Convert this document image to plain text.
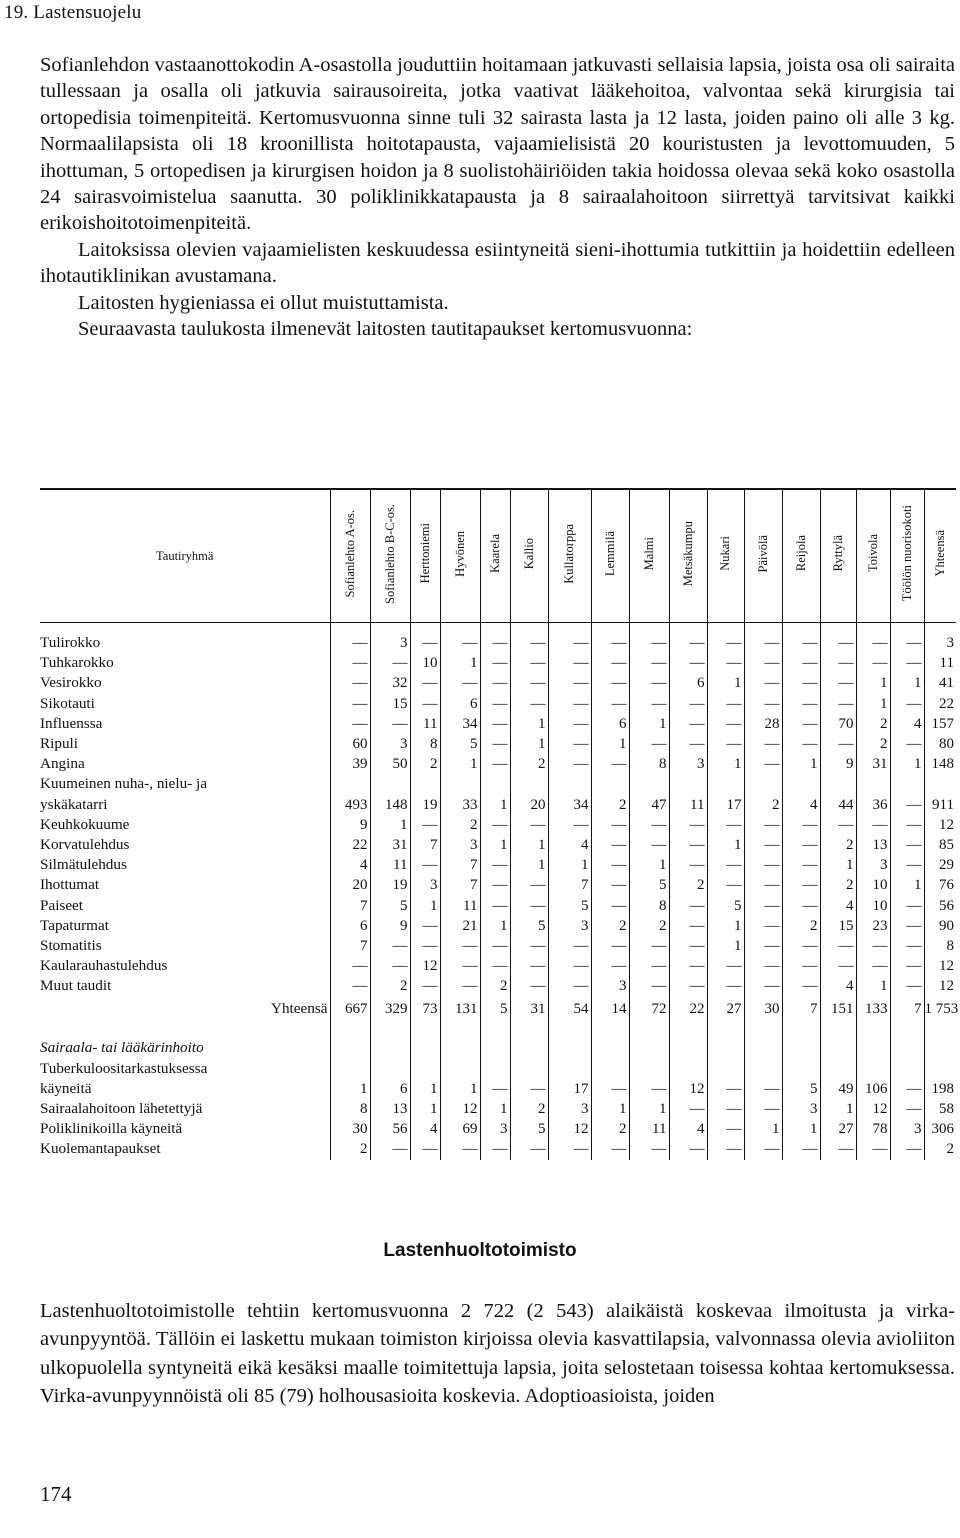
19. Lastensuojelu

Sofianlehdon vastaanottokodin A-osastolla jouduttiin hoitamaan jatkuvasti sellaisia lapsia, joista osa oli sairaita tullessaan ja osalla oli jatkuvia sairausoireita, jotka vaativat lääkehoitoa, valvontaa sekä kirurgisia tai ortopedisia toimenpiteitä. Kertomusvuonna sinne tuli 32 sairasta lasta ja 12 lasta, joiden paino oli alle 3 kg. Normaalilapsista oli 18 kroonillista hoitotapausta, vajaamielisistä 20 kouristusten ja levottomuuden, 5 ihottuman, 5 ortopedisen ja kirurgisen hoidon ja 8 suolistohäiriöiden takia hoidossa olevaa sekä koko osastolla 24 sairasvoimistelua saanutta. 30 poliklinikkatapausta ja 8 sairaalahoitoon siirrettyä tarvitsivat kaikki erikoishoitotoimenpiteitä.

Laitoksissa olevien vajaamielisten keskuudessa esiintyneitä sieni-ihottumia tutkittiin ja hoidettiin edelleen ihotautiklinikan avustamana.

Laitosten hygieniassa ei ollut muistuttamista.

Seuraavasta taulukosta ilmenevät laitosten tautitapaukset kertomusvuonna:

Tautiryhmä	Sofianlehto A-os.	Sofianlehto B-C-os.	Herttoniemi	Hyvönen	Kaarela	Kallio	Kullatorppa	Lemmilä	Malmi	Metsäkumpu	Nukari	Päivölä	Reijola	Ryttylä	Toivola	Töölön nuorisokoti	Yhteensä

Tulirokko	—	3	—	—	—	—	—	—	—	—	—	—	—	—	—	—	3
Tuhkarokko	—	—	10	1	—	—	—	—	—	—	—	—	—	—	—	—	11
Vesirokko	—	32	—	—	—	—	—	—	—	6	1	—	—	—	1	1	41
Sikotauti	—	15	—	6	—	—	—	—	—	—	—	—	—	—	1	—	22
Influenssa	—	—	11	34	—	1	—	6	1	—	—	28	—	70	2	4	157
Ripuli	60	3	8	5	—	1	—	1	—	—	—	—	—	—	2	—	80
Angina	39	50	2	1	—	2	—	—	8	3	1	—	1	9	31	1	148
Kuumeinen nuha-, nielu- ja																	
yskäkatarri	493	148	19	33	1	20	34	2	47	11	17	2	4	44	36	—	911
Keuhkokuume	9	1	—	2	—	—	—	—	—	—	—	—	—	—	—	—	12
Korvatulehdus	22	31	7	3	1	1	4	—	—	—	1	—	—	2	13	—	85
Silmätulehdus	4	11	—	7	—	1	1	—	1	—	—	—	—	1	3	—	29
Ihottumat	20	19	3	7	—	—	7	—	5	2	—	—	—	2	10	1	76
Paiseet	7	5	1	11	—	—	5	—	8	—	5	—	—	4	10	—	56
Tapaturmat	6	9	—	21	1	5	3	2	2	—	1	—	2	15	23	—	90
Stomatitis	7	—	—	—	—	—	—	—	—	—	1	—	—	—	—	—	8
Kaularauhastulehdus	—	—	12	—	—	—	—	—	—	—	—	—	—	—	—	—	12
Muut taudit	—	2	—	—	2	—	—	3	—	—	—	—	—	4	1	—	12
Yhteensä	667	329	73	131	5	31	54	14	72	22	27	30	7	151	133	7	1 753

Sairaala- tai lääkärinhoito																	
Tuberkuloositarkastuksessa																	
käyneitä	1	6	1	1	—	—	17	—	—	12	—	—	5	49	106	—	198
Sairaalahoitoon lähetettyjä	8	13	1	12	1	2	3	1	1	—	—	—	3	1	12	—	58
Poliklinikoilla käyneitä	30	56	4	69	3	5	12	2	11	4	—	1	1	27	78	3	306
Kuolemantapaukset	2	—	—	—	—	—	—	—	—	—	—	—	—	—	—	—	2
Lastenhuoltotoimisto

Lastenhuoltotoimistolle tehtiin kertomusvuonna 2 722 (2 543) alaikäistä koskevaa ilmoitusta ja virka-avunpyyntöä. Tällöin ei laskettu mukaan toimiston kirjoissa olevia kasvattilapsia, valvonnassa olevia avioliiton ulkopuolella syntyneitä eikä kesäksi maalle toimitettuja lapsia, joita selostetaan toisessa kohtaa kertomuksessa. Virka-avunpyynnöistä oli 85 (79) holhousasioita koskevia. Adoptioasioista, joiden

174
